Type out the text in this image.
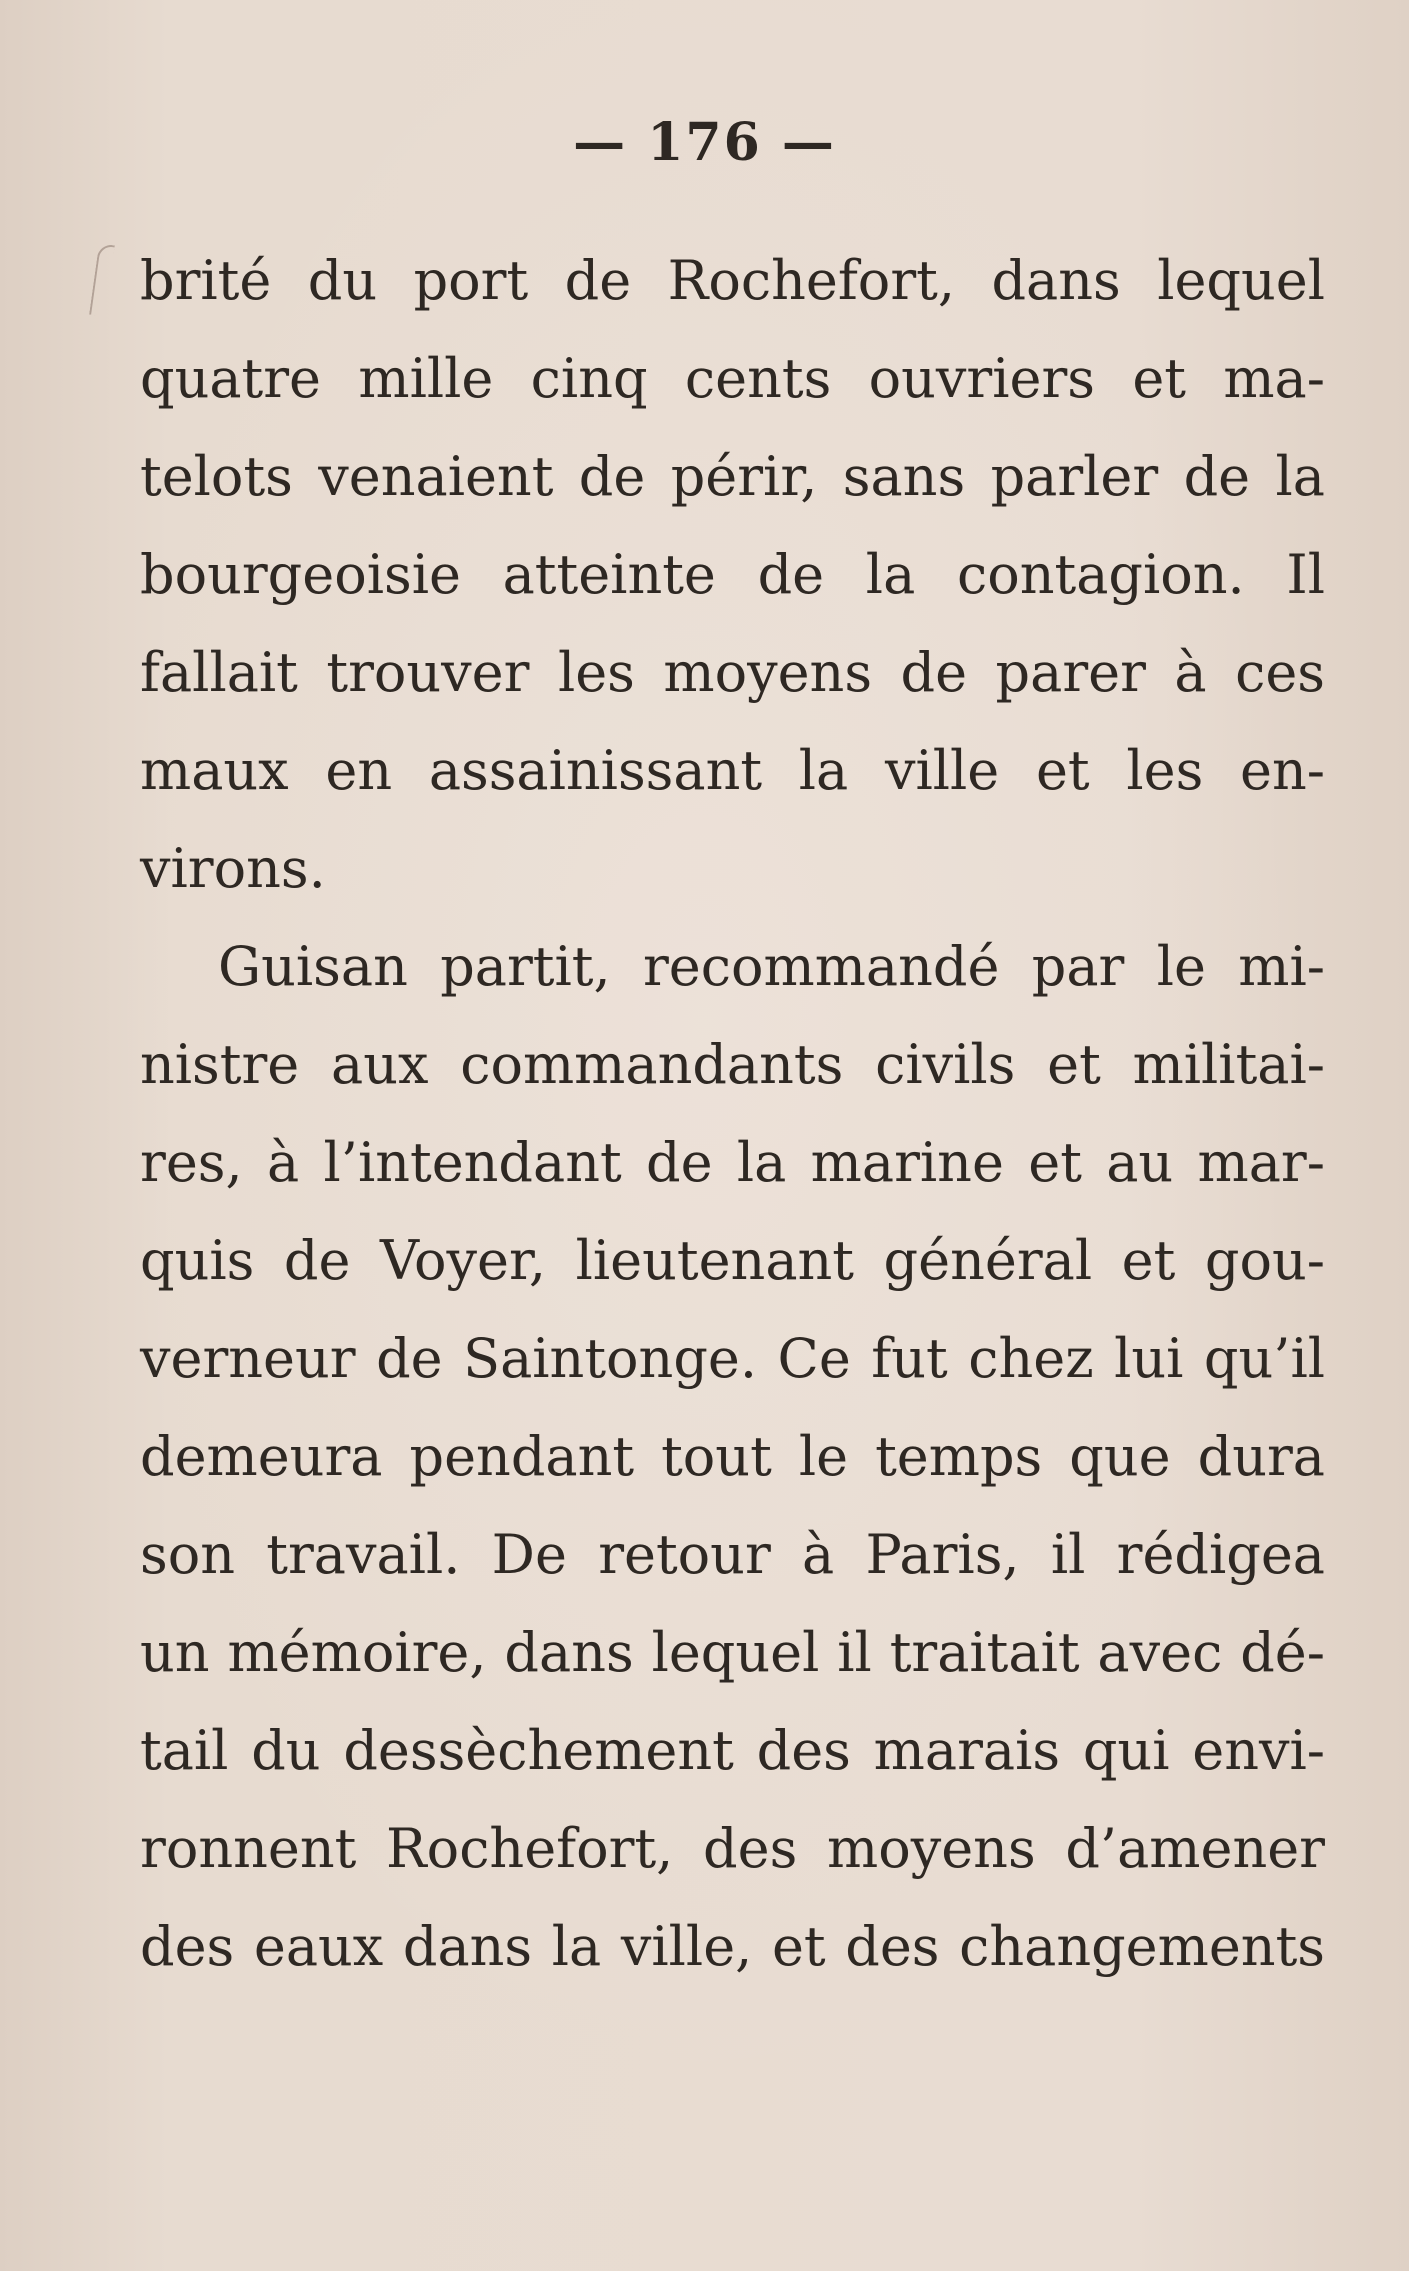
— 176 —
brité du port de Rochefort, dans lequel
quatre mille cinq cents ouvriers et ma-
telots venaient de périr, sans parler de la
bourgeoisie atteinte de la contagion. Il
fallait trouver les moyens de parer à ces
maux en assainissant la ville et les en-
virons.
Guisan partit, recommandé par le mi-
nistre aux commandants civils et militai-
res, à l’intendant de la marine et au mar-
quis de Voyer, lieutenant général et gou-
verneur de Saintonge. Ce fut chez lui qu’il
demeura pendant tout le temps que dura
son travail. De retour à Paris, il rédigea
un mémoire, dans lequel il traitait avec dé-
tail du dessèchement des marais qui envi-
ronnent Rochefort, des moyens d’amener
des eaux dans la ville, et des changements
